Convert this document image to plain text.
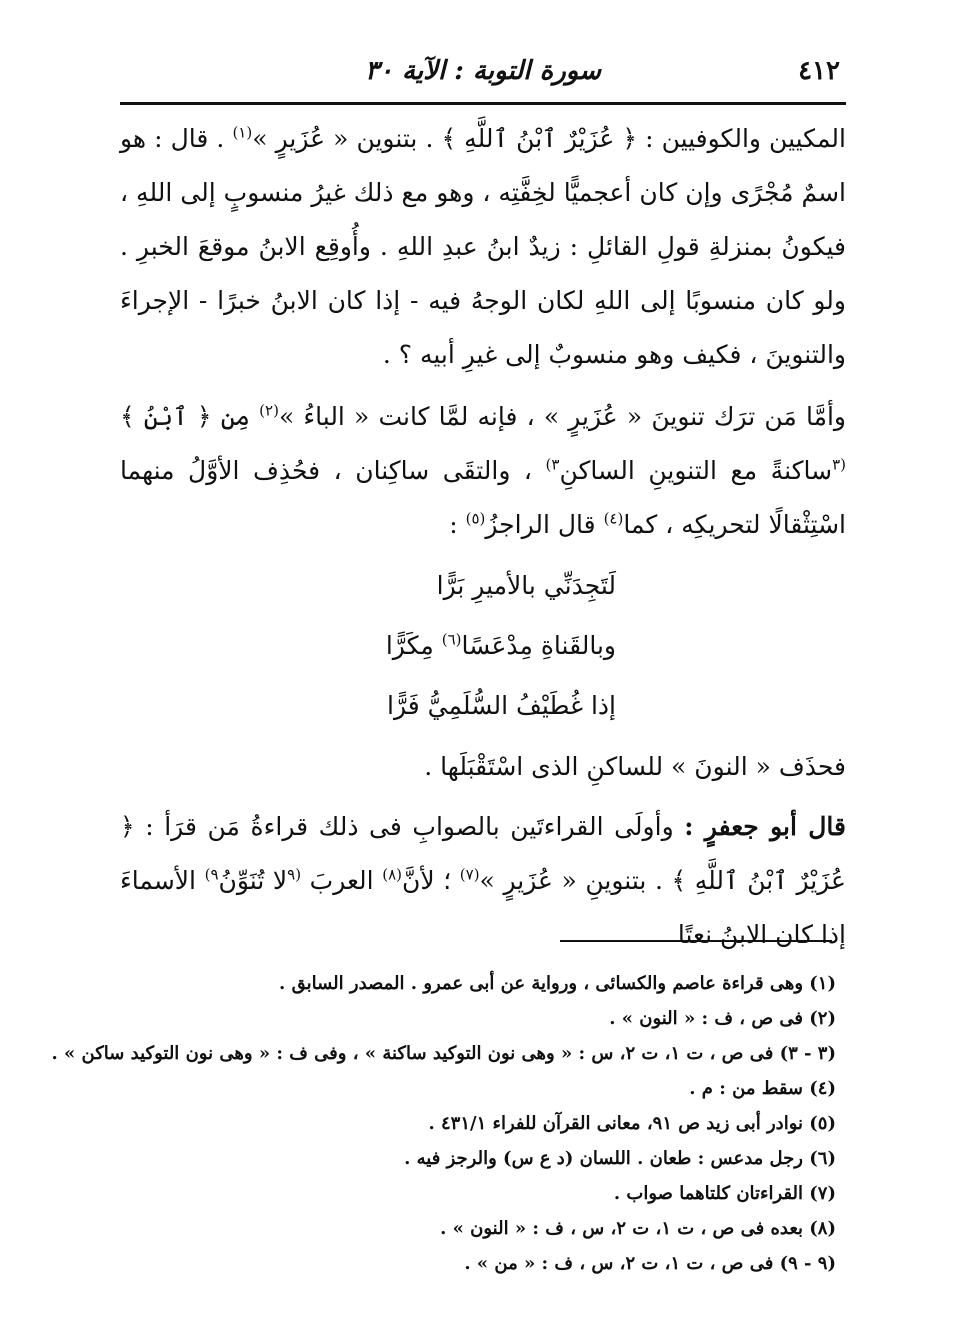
٤١٢
سورة التوبة : الآية ٣٠

المكيين والكوفيين : ﴿ عُزَيْرٌ ٱبْنُ ٱللَّهِ ﴾ . بتنوين « عُزَيرٍ »$^{(١)}$ . قال : هو اسمٌ مُجْرًى وإن كان أعجميًّا لخِفَّتِه ، وهو مع ذلك غيرُ منسوبٍ إلى اللهِ ، فيكونُ بمنزلةِ قولِ القائلِ : زيدٌ ابنُ عبدِ اللهِ . وأُوقِع الابنُ موقعَ الخبرِ . ولو كان منسوبًا إلى اللهِ لكان الوجهُ فيه - إذا كان الابنُ خبرًا - الإجراءَ والتنوينَ ، فكيف وهو منسوبٌ إلى غيرِ أبيه ؟ .

وأمَّا مَن ترَك تنوينَ « عُزَيرٍ » ، فإنه لمَّا كانت « الباءُ »$^{(٢)}$ مِن ﴿ ٱبْنُ ﴾ $^{(٣}$ساكنةً مع التنوينِ الساكنِ$^{٣)}$ ، والتقَى ساكِنان ، فحُذِف الأوَّلُ منهما اسْتِثْقالًا لتحريكِه ، كما$^{(٤)}$ قال الراجزُ$^{(٥)}$ :

لَتَجِدَنِّي بالأميرِ بَرًّا
وبالقَناةِ مِدْعَسًا$^{(٦)}$ مِكَرًّا
إذا غُطَيْفُ السُّلَمِيُّ فَرًّا

فحذَف « النونَ » للساكنِ الذى اسْتَقْبَلَها .

قال أبو جعفرٍ : وأولَى القراءتَين بالصوابِ فى ذلك قراءةُ مَن قرَأ : ﴿ عُزَيْرٌ ٱبْنُ ٱللَّهِ ﴾ . بتنوينِ « عُزَيرٍ »$^{(٧)}$ ؛ لأنَّ$^{(٨)}$ العربَ $^{(٩}$لا تُنَوِّنُ$^{٩)}$ الأسماءَ إذا كان الابنُ نعتًا

(١) وهى قراءة عاصم والكسائى ، ورواية عن أبى عمرو . المصدر السابق .
(٢) فى ص ، ف : « النون » .
(٣ - ٣) فى ص ، ت ١، ت ٢، س : « وهى نون التوكيد ساكنة » ، وفى ف : « وهى نون التوكيد ساكن » .
(٤) سقط من : م .
(٥) نوادر أبى زيد ص ٩١، معانى القرآن للفراء ٤٣١/١ .
(٦) رجل مدعس : طعان . اللسان (د ع س) والرجز فيه .
(٧) القراءتان كلتاهما صواب .
(٨) بعده فى ص ، ت ١، ت ٢، س ، ف : « النون » .
(٩ - ٩) فى ص ، ت ١، ت ٢، س ، ف : « من » .
